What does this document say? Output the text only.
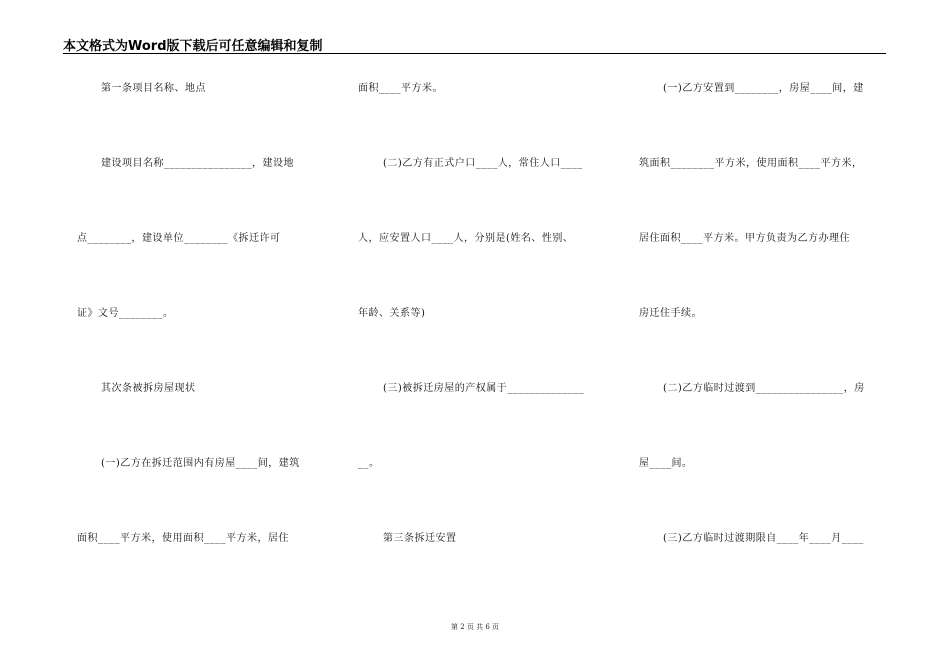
本文格式为Word版下载后可任意编辑和复制
第一条项目名称、地点
建设项目名称________________，建设地
点________，建设单位________《拆迁许可
证》文号________。
其次条被拆房屋现状
(一)乙方在拆迁范围内有房屋____间，建筑
面积____平方米，使用面积____平方米，居住
面积____平方米。
(二)乙方有正式户口____人，常住人口____
人，应安置人口____人，分别是(姓名、性别、
年龄、关系等)
(三)被拆迁房屋的产权属于______________
__。
第三条拆迁安置
(一)乙方安置到________，房屋____间，建
筑面积________平方米，使用面积____平方米，
居住面积____平方米。甲方负责为乙方办理住
房迁住手续。
(二)乙方临时过渡到________________，房
屋____间。
(三)乙方临时过渡期限自____年____月____
第 2 页 共 6 页
